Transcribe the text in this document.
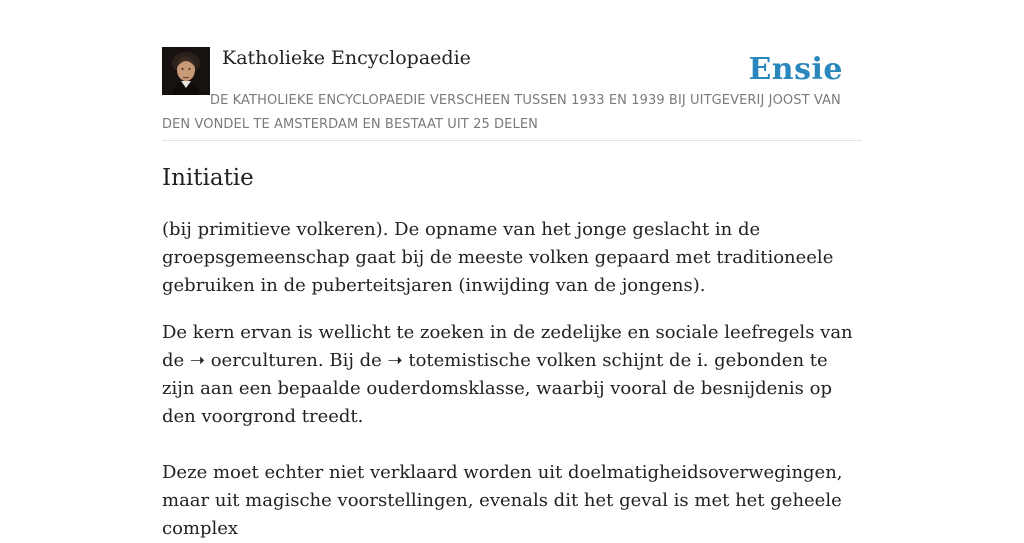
Katholieke Encyclopaedie	Ensie
DE KATHOLIEKE ENCYCLOPAEDIE VERSCHEEN TUSSEN 1933 EN 1939 BIJ UITGEVERIJ JOOST VAN DEN VONDEL TE AMSTERDAM EN BESTAAT UIT 25 DELEN
Initiatie

(bij primitieve volkeren). De opname van het jonge geslacht in de groepsgemeenschap gaat bij de meeste volken gepaard met traditioneele gebruiken in de puberteitsjaren (inwijding van de jongens).

De kern ervan is wellicht te zoeken in de zedelijke en sociale leefregels van de ➝ oerculturen. Bij de ➝ totemistische volken schijnt de i. gebonden te zijn aan een bepaalde ouderdomsklasse, waarbij vooral de besnijdenis op den voorgrond treedt.

Deze moet echter niet verklaard worden uit doelmatigheidsoverwegingen, maar uit magische voorstellingen, evenals dit het geval is met het geheele complex
